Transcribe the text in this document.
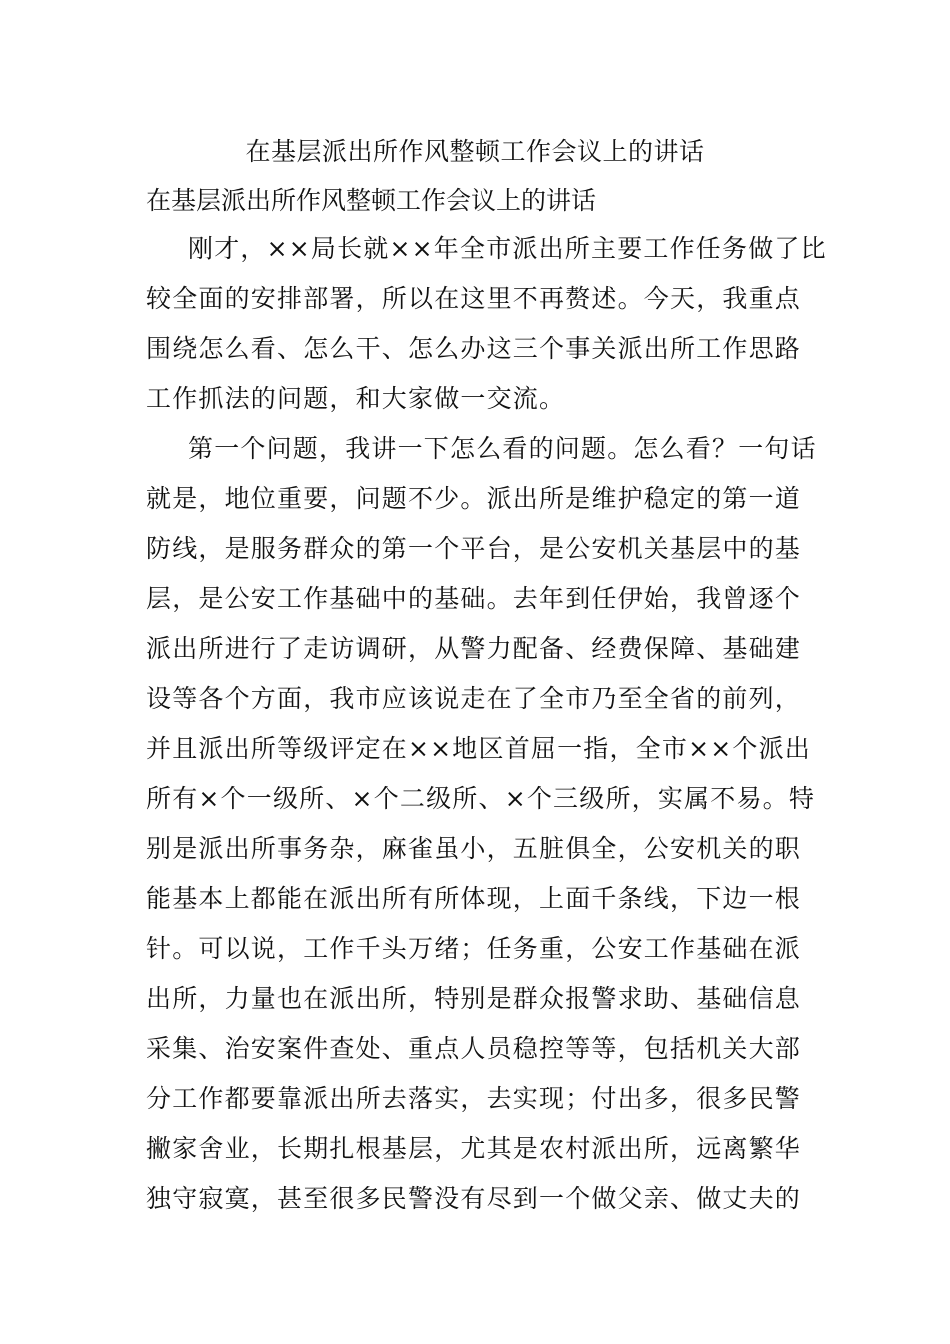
在基层派出所作风整顿工作会议上的讲话
在基层派出所作风整顿工作会议上的讲话
刚才，××局长就××年全市派出所主要工作任务做了比
较全面的安排部署，所以在这里不再赘述。今天，我重点
围绕怎么看、怎么干、怎么办这三个事关派出所工作思路
工作抓法的问题，和大家做一交流。
第一个问题，我讲一下怎么看的问题。怎么看？一句话
就是，地位重要，问题不少。派出所是维护稳定的第一道
防线，是服务群众的第一个平台，是公安机关基层中的基
层，是公安工作基础中的基础。去年到任伊始，我曾逐个
派出所进行了走访调研，从警力配备、经费保障、基础建
设等各个方面，我市应该说走在了全市乃至全省的前列，
并且派出所等级评定在××地区首屈一指，全市××个派出
所有×个一级所、×个二级所、×个三级所，实属不易。特
别是派出所事务杂，麻雀虽小，五脏俱全，公安机关的职
能基本上都能在派出所有所体现，上面千条线，下边一根
针。可以说，工作千头万绪；任务重，公安工作基础在派
出所，力量也在派出所，特别是群众报警求助、基础信息
采集、治安案件查处、重点人员稳控等等，包括机关大部
分工作都要靠派出所去落实，去实现；付出多，很多民警
撇家舍业，长期扎根基层，尤其是农村派出所，远离繁华
独守寂寞，甚至很多民警没有尽到一个做父亲、做丈夫的
